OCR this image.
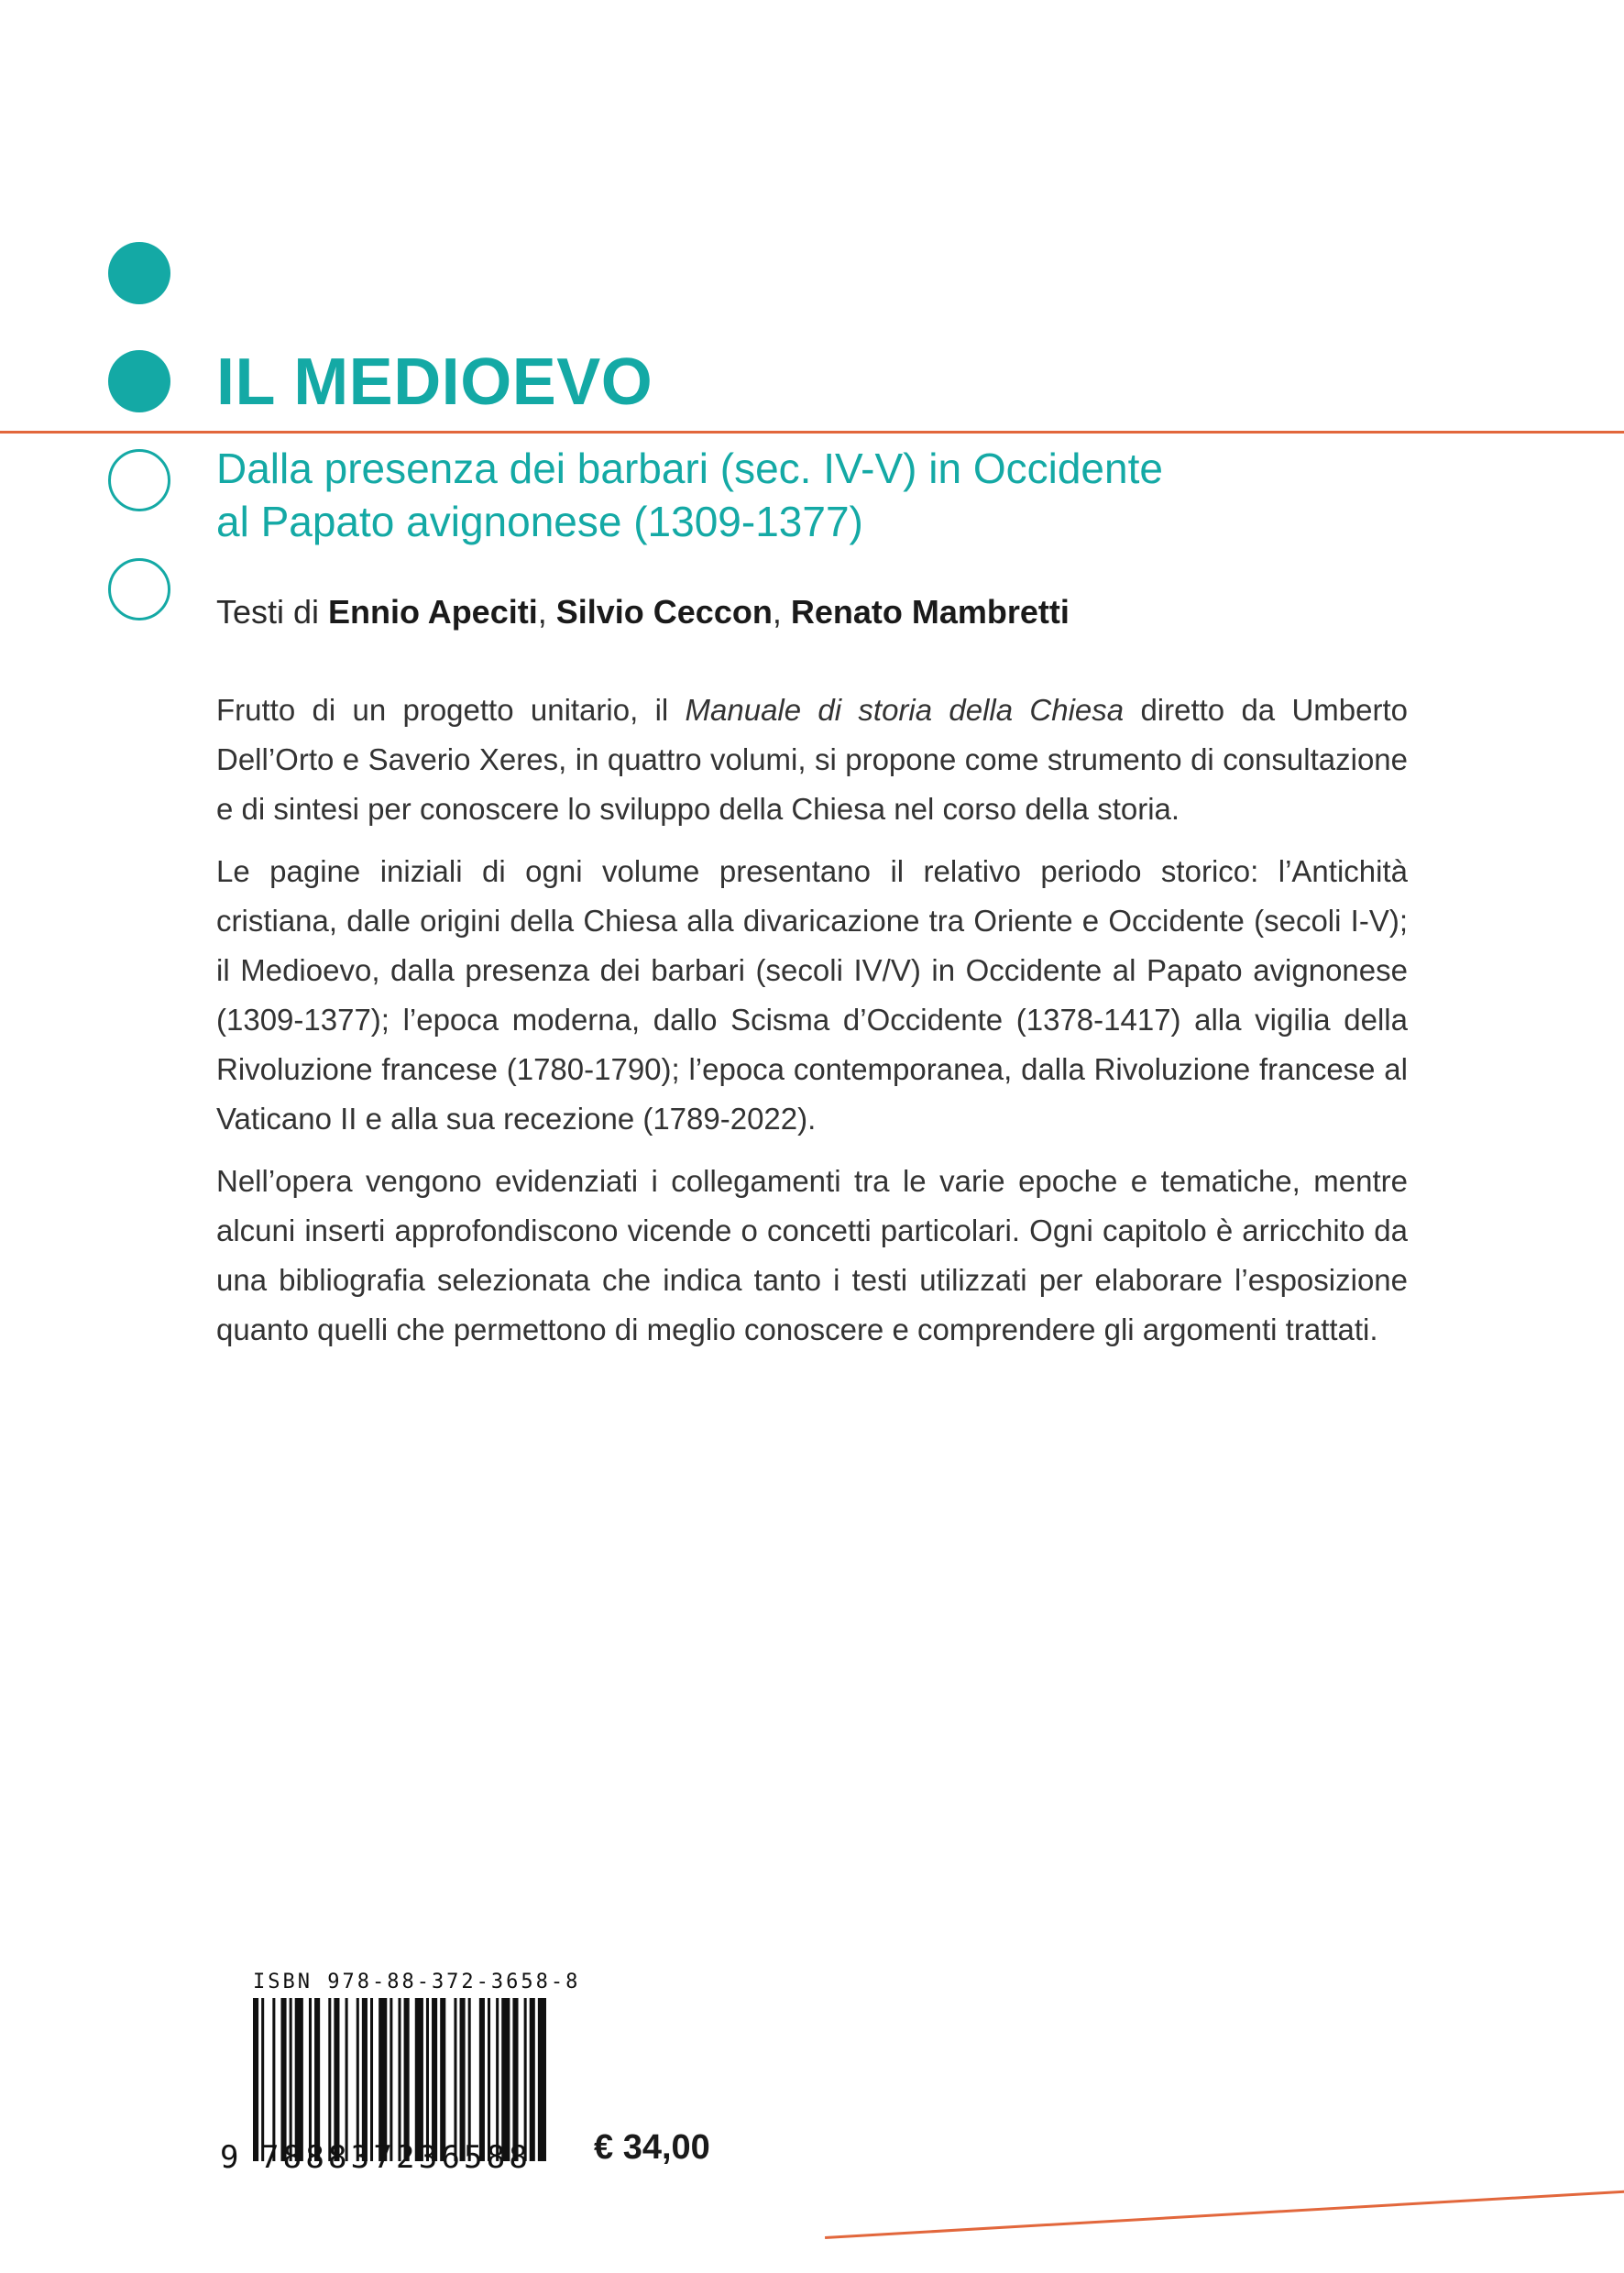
IL MEDIOEVO
Dalla presenza dei barbari (sec. IV-V) in Occidente
al Papato avignonese (1309-1377)

Testi di Ennio Apeciti, Silvio Ceccon, Renato Mambretti

Frutto di un progetto unitario, il Manuale di storia della Chiesa diretto da Umberto Dell’Orto e Saverio Xeres, in quattro volumi, si propone come strumento di consultazione e di sintesi per conoscere lo sviluppo della Chiesa nel corso della storia.

Le pagine iniziali di ogni volume presentano il relativo periodo storico: l’Antichità cristiana, dalle origini della Chiesa alla divaricazione tra Oriente e Occidente (secoli I-V); il Medioevo, dalla presenza dei barbari (secoli IV/V) in Occidente al Papato avignonese (1309-1377); l’epoca moderna, dallo Scisma d’Occidente (1378-1417) alla vigilia della Rivoluzione francese (1780-1790); l’epoca contemporanea, dalla Rivoluzione francese al Vaticano II e alla sua recezione (1789-2022).

Nell’opera vengono evidenziati i collegamenti tra le varie epoche e tematiche, mentre alcuni inserti approfondiscono vicende o concetti particolari. Ogni capitolo è arricchito da una bibliografia selezionata che indica tanto i testi utilizzati per elaborare l’esposizione quanto quelli che permettono di meglio conoscere e comprendere gli argomenti trattati.

ISBN 978-88-372-3658-8
9 788837236588 € 34,00
